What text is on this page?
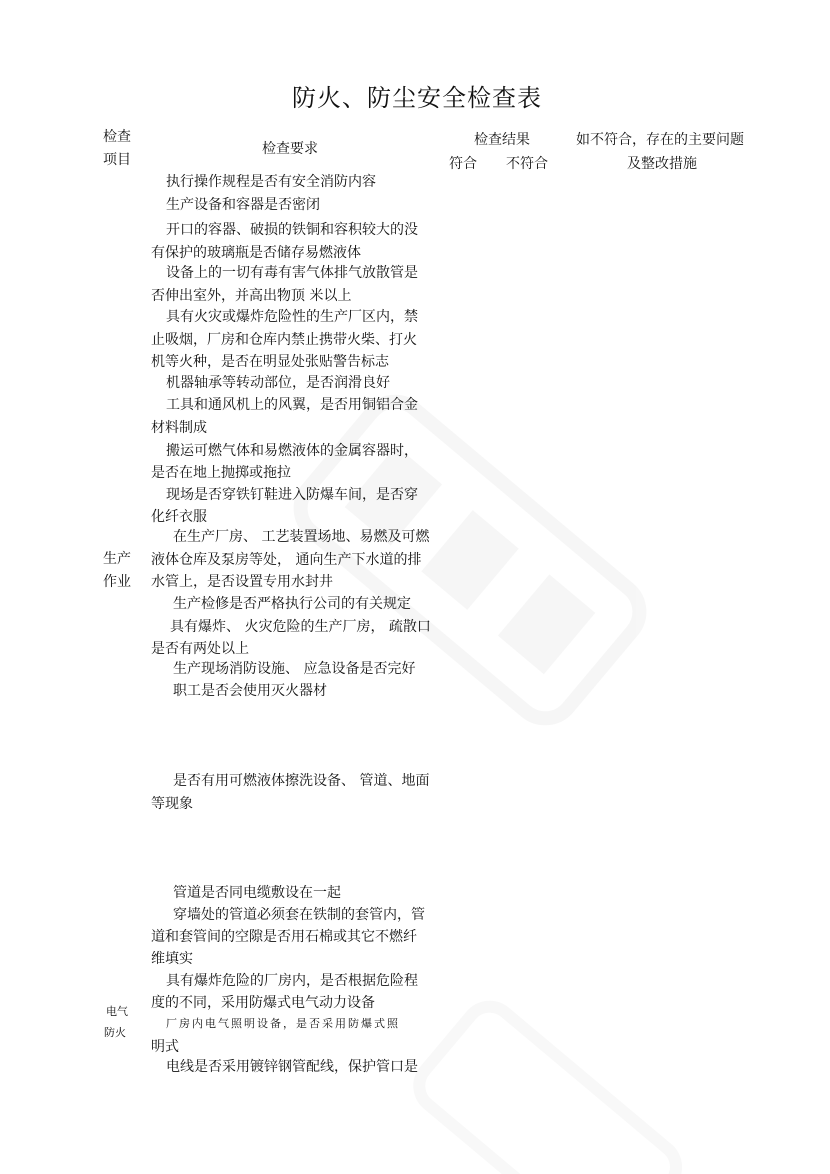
防火、防尘安全检查表
检查
项目
检查要求
检查结果
符合 不符合
如不符合，存在的主要问题
及整改措施
生产
作业
电气
防火
执行操作规程是否有安全消防内容
生产设备和容器是否密闭
开口的容器、破损的铁铜和容积较大的没
有保护的玻璃瓶是否储存易燃液体
设备上的一切有毒有害气体排气放散管是
否伸出室外，并高出物顶 米以上
具有火灾或爆炸危险性的生产厂区内，禁
止吸烟，厂房和仓库内禁止携带火柴、打火
机等火种，是否在明显处张贴警告标志
机器轴承等转动部位，是否润滑良好
工具和通风机上的风翼，是否用铜铝合金
材料制成
搬运可燃气体和易燃液体的金属容器时，
是否在地上抛掷或拖拉
现场是否穿铁钉鞋进入防爆车间，是否穿
化纤衣服
在生产厂房、 工艺装置场地、易燃及可燃
液体仓库及泵房等处， 通向生产下水道的排
水管上，是否设置专用水封井
生产检修是否严格执行公司的有关规定
具有爆炸、 火灾危险的生产厂房， 疏散口
是否有两处以上
生产现场消防设施、 应急设备是否完好
职工是否会使用灭火器材
是否有用可燃液体擦洗设备、 管道、地面
等现象
管道是否同电缆敷设在一起
穿墙处的管道必须套在铁制的套管内，管
道和套管间的空隙是否用石棉或其它不燃纤
维填实
具有爆炸危险的厂房内，是否根据危险程
度的不同，采用防爆式电气动力设备
厂房内电气照明设备，是否采用防爆式照
明式
电线是否采用镀锌钢管配线，保护管口是
